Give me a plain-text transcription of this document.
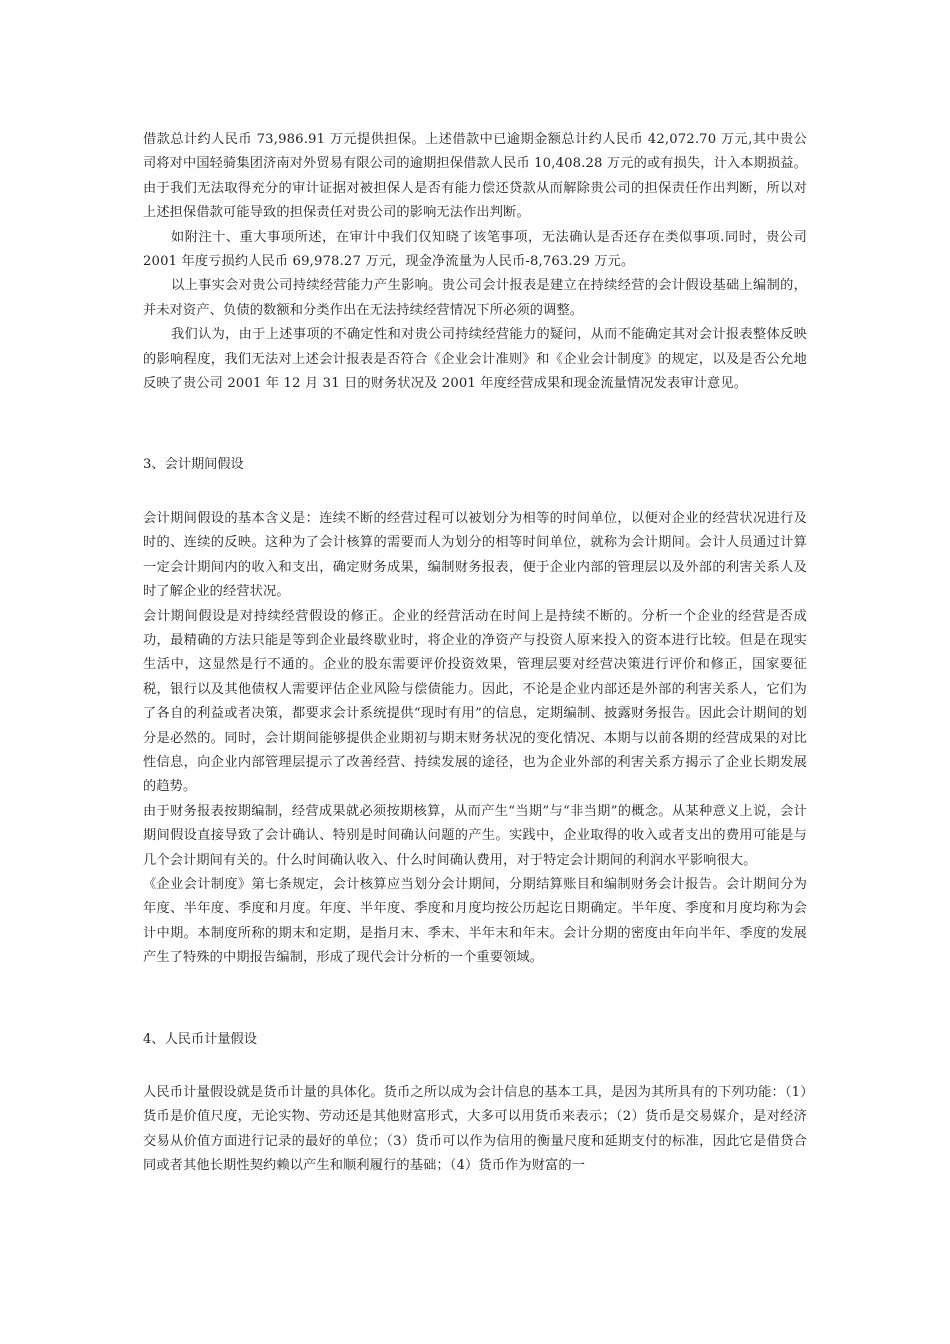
借款总计约人民币 73,986.91 万元提供担保。上述借款中已逾期金额总计约人民币 42,072.70 万元,其中贵公司将对中国轻骑集团济南对外贸易有限公司的逾期担保借款人民币 10,408.28 万元的或有损失，计入本期损益。由于我们无法取得充分的审计证据对被担保人是否有能力偿还贷款从而解除贵公司的担保责任作出判断，所以对上述担保借款可能导致的担保责任对贵公司的影响无法作出判断。

如附注十、重大事项所述，在审计中我们仅知晓了该笔事项，无法确认是否还存在类似事项.同时，贵公司 2001 年度亏损约人民币 69,978.27 万元，现金净流量为人民币-8,763.29 万元。

以上事实会对贵公司持续经营能力产生影响。贵公司会计报表是建立在持续经营的会计假设基础上编制的，并未对资产、负债的数额和分类作出在无法持续经营情况下所必须的调整。

我们认为，由于上述事项的不确定性和对贵公司持续经营能力的疑问，从而不能确定其对会计报表整体反映的影响程度，我们无法对上述会计报表是否符合《企业会计准则》和《企业会计制度》的规定，以及是否公允地反映了贵公司 2001 年 12 月 31 日的财务状况及 2001 年度经营成果和现金流量情况发表审计意见。

3、会计期间假设

会计期间假设的基本含义是：连续不断的经营过程可以被划分为相等的时间单位，以便对企业的经营状况进行及时的、连续的反映。这种为了会计核算的需要而人为划分的相等时间单位，就称为会计期间。会计人员通过计算一定会计期间内的收入和支出，确定财务成果，编制财务报表，便于企业内部的管理层以及外部的利害关系人及时了解企业的经营状况。

会计期间假设是对持续经营假设的修正。企业的经营活动在时间上是持续不断的。分析一个企业的经营是否成功，最精确的方法只能是等到企业最终歇业时，将企业的净资产与投资人原来投入的资本进行比较。但是在现实生活中，这显然是行不通的。企业的股东需要评价投资效果，管理层要对经营决策进行评价和修正，国家要征税，银行以及其他债权人需要评估企业风险与偿债能力。因此，不论是企业内部还是外部的利害关系人，它们为了各自的利益或者决策，都要求会计系统提供“现时有用”的信息，定期编制、披露财务报告。因此会计期间的划分是必然的。同时，会计期间能够提供企业期初与期末财务状况的变化情况、本期与以前各期的经营成果的对比性信息，向企业内部管理层提示了改善经营、持续发展的途径，也为企业外部的利害关系方揭示了企业长期发展的趋势。

由于财务报表按期编制，经营成果就必须按期核算，从而产生“当期”与“非当期”的概念。从某种意义上说，会计期间假设直接导致了会计确认、特别是时间确认问题的产生。实践中，企业取得的收入或者支出的费用可能是与几个会计期间有关的。什么时间确认收入、什么时间确认费用，对于特定会计期间的利润水平影响很大。

《企业会计制度》第七条规定，会计核算应当划分会计期间，分期结算账目和编制财务会计报告。会计期间分为年度、半年度、季度和月度。年度、半年度、季度和月度均按公历起讫日期确定。半年度、季度和月度均称为会计中期。本制度所称的期末和定期，是指月末、季末、半年末和年末。会计分期的密度由年向半年、季度的发展产生了特殊的中期报告编制，形成了现代会计分析的一个重要领域。

4、人民币计量假设

人民币计量假设就是货币计量的具体化。货币之所以成为会计信息的基本工具，是因为其所具有的下列功能：（1）货币是价值尺度，无论实物、劳动还是其他财富形式，大多可以用货币来表示；（2）货币是交易媒介，是对经济交易从价值方面进行记录的最好的单位；（3）货币可以作为信用的衡量尺度和延期支付的标准，因此它是借贷合同或者其他长期性契约赖以产生和顺利履行的基础；（4）货币作为财富的一
